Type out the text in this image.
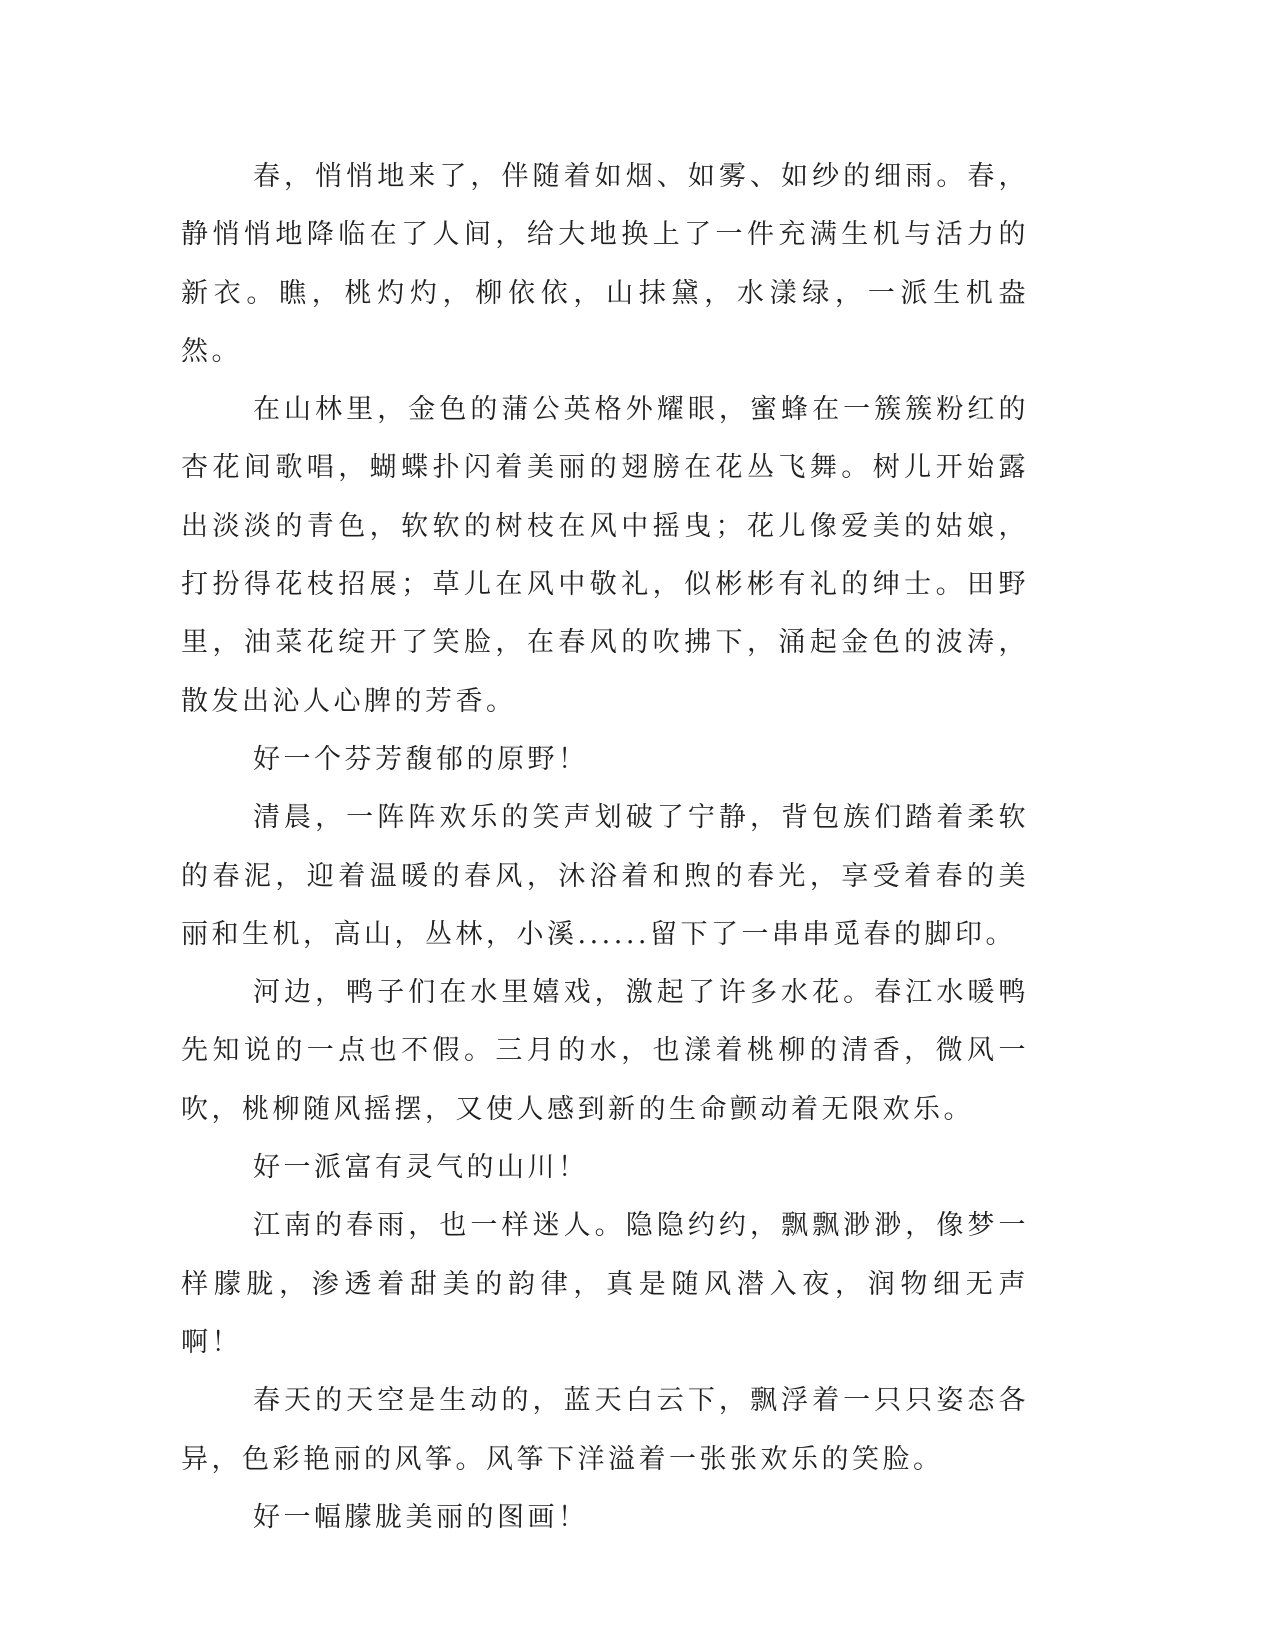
春，悄悄地来了，伴随着如烟、如雾、如纱的细雨。春，静悄悄地降临在了人间，给大地换上了一件充满生机与活力的新衣。瞧，桃灼灼，柳依依，山抹黛，水漾绿，一派生机盎然。

在山林里，金色的蒲公英格外耀眼，蜜蜂在一簇簇粉红的杏花间歌唱，蝴蝶扑闪着美丽的翅膀在花丛飞舞。树儿开始露出淡淡的青色，软软的树枝在风中摇曳；花儿像爱美的姑娘，打扮得花枝招展；草儿在风中敬礼，似彬彬有礼的绅士。田野里，油菜花绽开了笑脸，在春风的吹拂下，涌起金色的波涛，散发出沁人心脾的芳香。

好一个芬芳馥郁的原野！

清晨，一阵阵欢乐的笑声划破了宁静，背包族们踏着柔软的春泥，迎着温暖的春风，沐浴着和煦的春光，享受着春的美丽和生机，高山，丛林，小溪......留下了一串串觅春的脚印。

河边，鸭子们在水里嬉戏，激起了许多水花。春江水暖鸭先知说的一点也不假。三月的水，也漾着桃柳的清香，微风一吹，桃柳随风摇摆，又使人感到新的生命颤动着无限欢乐。

好一派富有灵气的山川！

江南的春雨，也一样迷人。隐隐约约，飘飘渺渺，像梦一样朦胧，渗透着甜美的韵律，真是随风潜入夜，润物细无声啊！

春天的天空是生动的，蓝天白云下，飘浮着一只只姿态各异，色彩艳丽的风筝。风筝下洋溢着一张张欢乐的笑脸。

好一幅朦胧美丽的图画！
